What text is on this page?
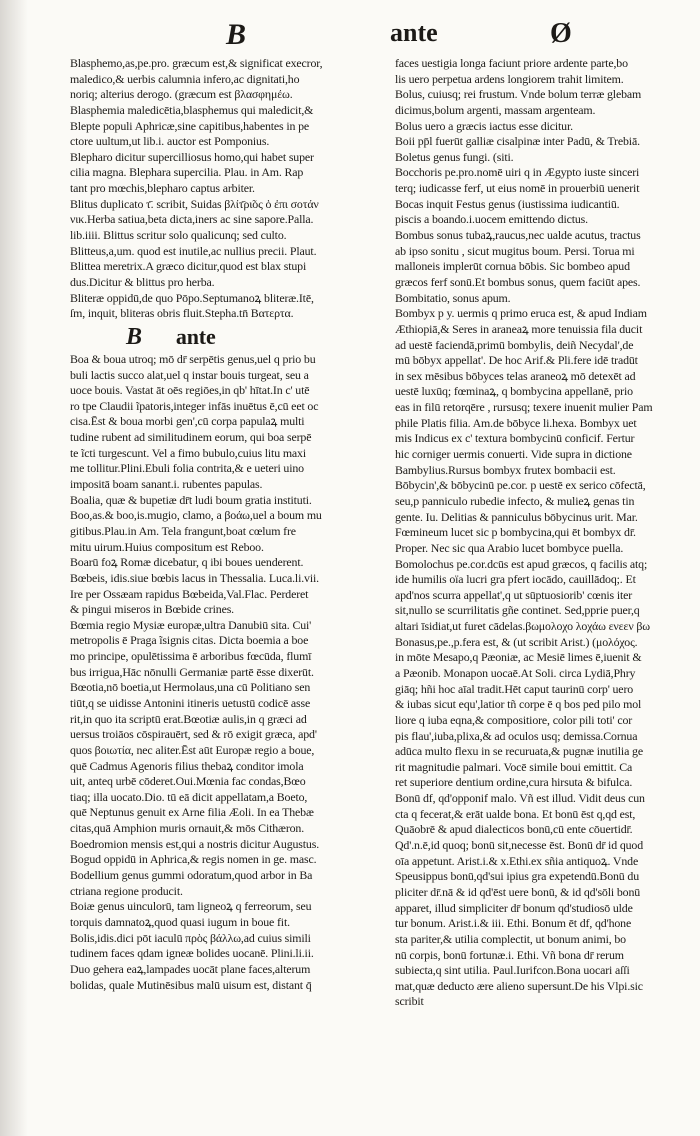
B	ante	Ø
Blasphemo,as,pe.pro. græcum est,& significat execror,
maledico,& uerbis calumnia infero,ac dignitati,ho
noriq; alterius derogo. (græcum est βλασφημέω.
Blasphemia maledicētia,blasphemus qui maledicit,&
Blepte populi Aphricæ,sine capitibus,habentes in pe
ctore uultum,ut lib.i. auctor est Pomponius.
Blepharo dicitur supercilliosus homo,qui habet super
cilia magna. Blephara supercilia. Plau. in Am. Rap
tant pro mœchis,blepharo captus arbiter.
Blitus duplicato τ̄. scribit, Suidas βλίτ̄ρι̃ος ὁ ἐπι σοτάν
νικ.Herba satiua,beta dicta,iners ac sine sapore.Palla.
lib.iiii. Blittus scritur solo qualicunq; sed culto.
Blitteus,a,um. quod est inutile,ac nullius precii. Plaut.
Blittea meretrix.A græco dicitur,quod est blax stupi
dus.Dicitur & blittus pro herba.
Bliteræ oppidū,de quo Pōpo.Septumanoꝝ bliteræ.Itē,
ſm, inquit, bliteras obris fluit.Stepha.tn̄ Βατερτα.
B ante
Boa & boua utroq; mō dr̄ serpētis genus,uel q prio bu
buli lactis succo alat,uel q instar bouis turgeat, seu a
uoce bouis. Vastat āt oēs regiōes,in qb' hītat.In c' utē
ro tpe Claudii ĩpatoris,integer infās inuētus ē,cū eet oc
cisa.Ēst & boua morbi gen',cū corpa papulaꝝ multi
tudine rubent ad similitudinem eorum, qui boa serpē
te ĩcti turgescunt. Vel a fimo bubulo,cuius litu maxi
me tollitur.Plini.Ebuli folia contrita,& e ueteri uino
impositā boam sanant.i. rubentes papulas.
Boalia, quæ & bupetiæ dr̄t ludi boum gratia instituti.
Boo,as.& boo,is.mugio, clamo, a βοάω,uel a boum mu
gitibus.Plau.in Am. Tela frangunt,boat cœlum fre
mitu uirum.Huius compositum est Reboo.
Boarū foꝝ Romæ dicebatur, q ibi boues uenderent.
Bœbeis, idis.siue bœbis lacus in Thessalia. Luca.li.vii.
Ire per Ossæam rapidus Bœbeida,Val.Flac. Perderet
& pingui miseros in Bœbide crines.
Bœmia regio Mysiæ europæ,ultra Danubiū sita. Cui'
metropolis ē Praga ĩsignis citas. Dicta boemia a boe
mo principe, opulētissima ē arboribus fœcūda, flumī
bus irrigua,Hāc nōnulli Germaniæ partē ēsse dixerūt.
Bœotia,nō boetia,ut Hermolaus,una cū Politiano sen
tiūt,q se uidisse Antonini itineris uetustū codicē asse
rit,in quo ita scriptū erat.Bœotiæ aulis,in q græci ad
uersus troiāos cōspirauērt, sed & rō exigit græca, apd'
quos βοιωτία, nec aliter.Ēst aūt Europæ regio a boue,
quē Cadmus Agenoris filius thebaꝝ conditor imola
uit, anteq urbē cōderet.Oui.Mœnia fac condas,Bœo
tiaq; illa uocato.Dio. tū eā dicit appellatam,a Boeto,
quē Neptunus genuit ex Arne filia Æoli. In ea Thebæ
citas,quā Amphion muris ornauit,& mōs Cithæron.
Boedromion mensis est,qui a nostris dicitur Augustus.
Bogud oppidū in Aphrica,& regis nomen in ge. masc.
Bodellium genus gummi odoratum,quod arbor in Ba
ctriana regione producit.
Boiæ genus uinculorū, tam ligneoꝝ q ferreorum, seu
torquis damnatoꝝ,quod quasi iugum in boue fit.
Bolis,idis.dici pōt iaculū πρὸς βάλλω,ad cuius simili
tudinem faces qdam igneæ bolides uocanē. Plini.li.ii.
Duo gehera eaꝝ,lampades uocāt plane faces,alterum
bolidas, quale Mutinēsibus malū uisum est, distant q̄
faces uestigia longa faciunt priore ardente parte,bo
lis uero perpetua ardens longiorem trahit limitem.
Bolus, cuiusq; rei frustum. Vnde bolum terræ glebam
dicimus,bolum argenti, massam argenteam.
Bolus uero a græcis iactus esse dicitur.
Boii pp̄l fuerūt galliæ cisalpinæ inter Padū, & Trebiā.
Boletus genus fungi. (siti.
Bocchoris pe.pro.nomē uiri q in Ægypto iuste sinceri
terq; iudicasse ferf, ut eius nomē in prouerbiū uenerit
Bocas inquit Festus genus (iustissima iudicantiū.
piscis a boando.i.uocem emittendo dictus.
Bombus sonus tubaꝝ,raucus,nec ualde acutus, tractus
ab ipso sonitu , sicut mugitus boum. Persi. Torua mi
malloneis implerūt cornua bōbis. Sic bombeo apud
græcos ferf sonū.Et bombus sonus, quem faciūt apes.
Bombitatio, sonus apum.
Bombyx p y. uermis q primo eruca est, & apud Indiam
Æthiopiā,& Seres in araneaꝝ more tenuissia fila ducit
ad uestē faciendā,primū bombylis, deiñ Necydal',de
mū bōbyx appellat'. De hoc Arif.& Pli.fere idē tradūt
in sex mēsibus bōbyces telas araneoꝝ mō detexēt ad
uestē luxūq; fœminaꝝ, q bombycina appellanē, prio
eas in filū retorqēre , rursusq; texere inuenit mulier Pam
phile Platis filia. Am.de bōbyce li.hexa. Bombyx uet
mis Indicus ex c' textura bombycinū conficif. Fertur
hic corniger uermis conuerti. Vide supra in dictione
Bambylius.Rursus bombyx frutex bombacii est.
Bōbycin',& bōbycinū pe.cor. p uestē ex serico cōfectā,
seu,p panniculo rubedie infecto, & mulieꝝ genas tin
gente. Iu. Delitias & panniculus bōbycinus urit. Mar.
Fœmineum lucet sic p bombycina,qui ēt bombyx dr̄.
Proper. Nec sic qua Arabio lucet bombyce puella.
Bomolochus pe.cor.dcūs est apud græcos, q facilis atq;
ide humilis oïa lucri gra pfert iocādo, cauillādoq;. Et
apd'nos scurra appellat',q ut sūptuosiorib' cœnis iter
sit,nullo se scurrilitatis gñe continet. Sed,pprie puer,q
altari īsidiat,ut furet cādelas.βωμολοχο λοχάω ενεεν βω
Bonasus,pe.,p.fera est, & (ut scribit Arist.) (μολόχος.
in mōte Mesapo,q Pæoniæ, ac Mesiē limes ē,iuenit &
a Pæonib. Monapon uocaē.At Soli. circa Lydiā,Phry
giāq; hñi hoc aīal tradit.Hēt caput taurinū corp' uero
& iubas sicut equ',latior tñ corpe ē q bos ped pilo mol
liore q iuba eqna,& compositiore, color pili toti' cor
pis flau',iuba,plixa,& ad oculos usq; demissa.Cornua
adūca multo flexu in se recuruata,& pugnæ inutilia ge
rit magnitudie palmari. Vocē simile boui emittit. Ca
ret superiore dentium ordine,cura hirsuta & bifulca.
Bonū df, qd'opponif malo. Vñ est illud. Vidit deus cun
cta q fecerat,& erāt ualde bona. Et bonū ēst q,qd est,
Quāobrē & apud dialecticos bonū,cū ente cōuertidr̄.
Qd'.n.ē,id quoq; bonū sit,necesse ēst. Bonū dr̄ id quod
oīa appetunt. Arist.i.& x.Ethi.ex sñia antiquoꝝ. Vnde
Speusippus bonū,qd'sui ipius gra expetendū.Bonū du
pliciter dr̄.nā & id qd'ēst uere bonū, & id qd'sōli bonū
apparet, illud simpliciter dr̄ bonum qd'studiosō ulde
tur bonum. Arist.i.& iii. Ethi. Bonum ēt df, qd'hone
sta pariter,& utilia complectit, ut bonum animi, bo
nū corpis, bonū fortunæ.i. Ethi. Vñ bona dr̄ rerum
subiecta,q sint utilia. Paul.Iurifcon.Bona uocari aſſi
mat,quæ deducto ære alieno supersunt.De his Vlpi.sic
scribit
